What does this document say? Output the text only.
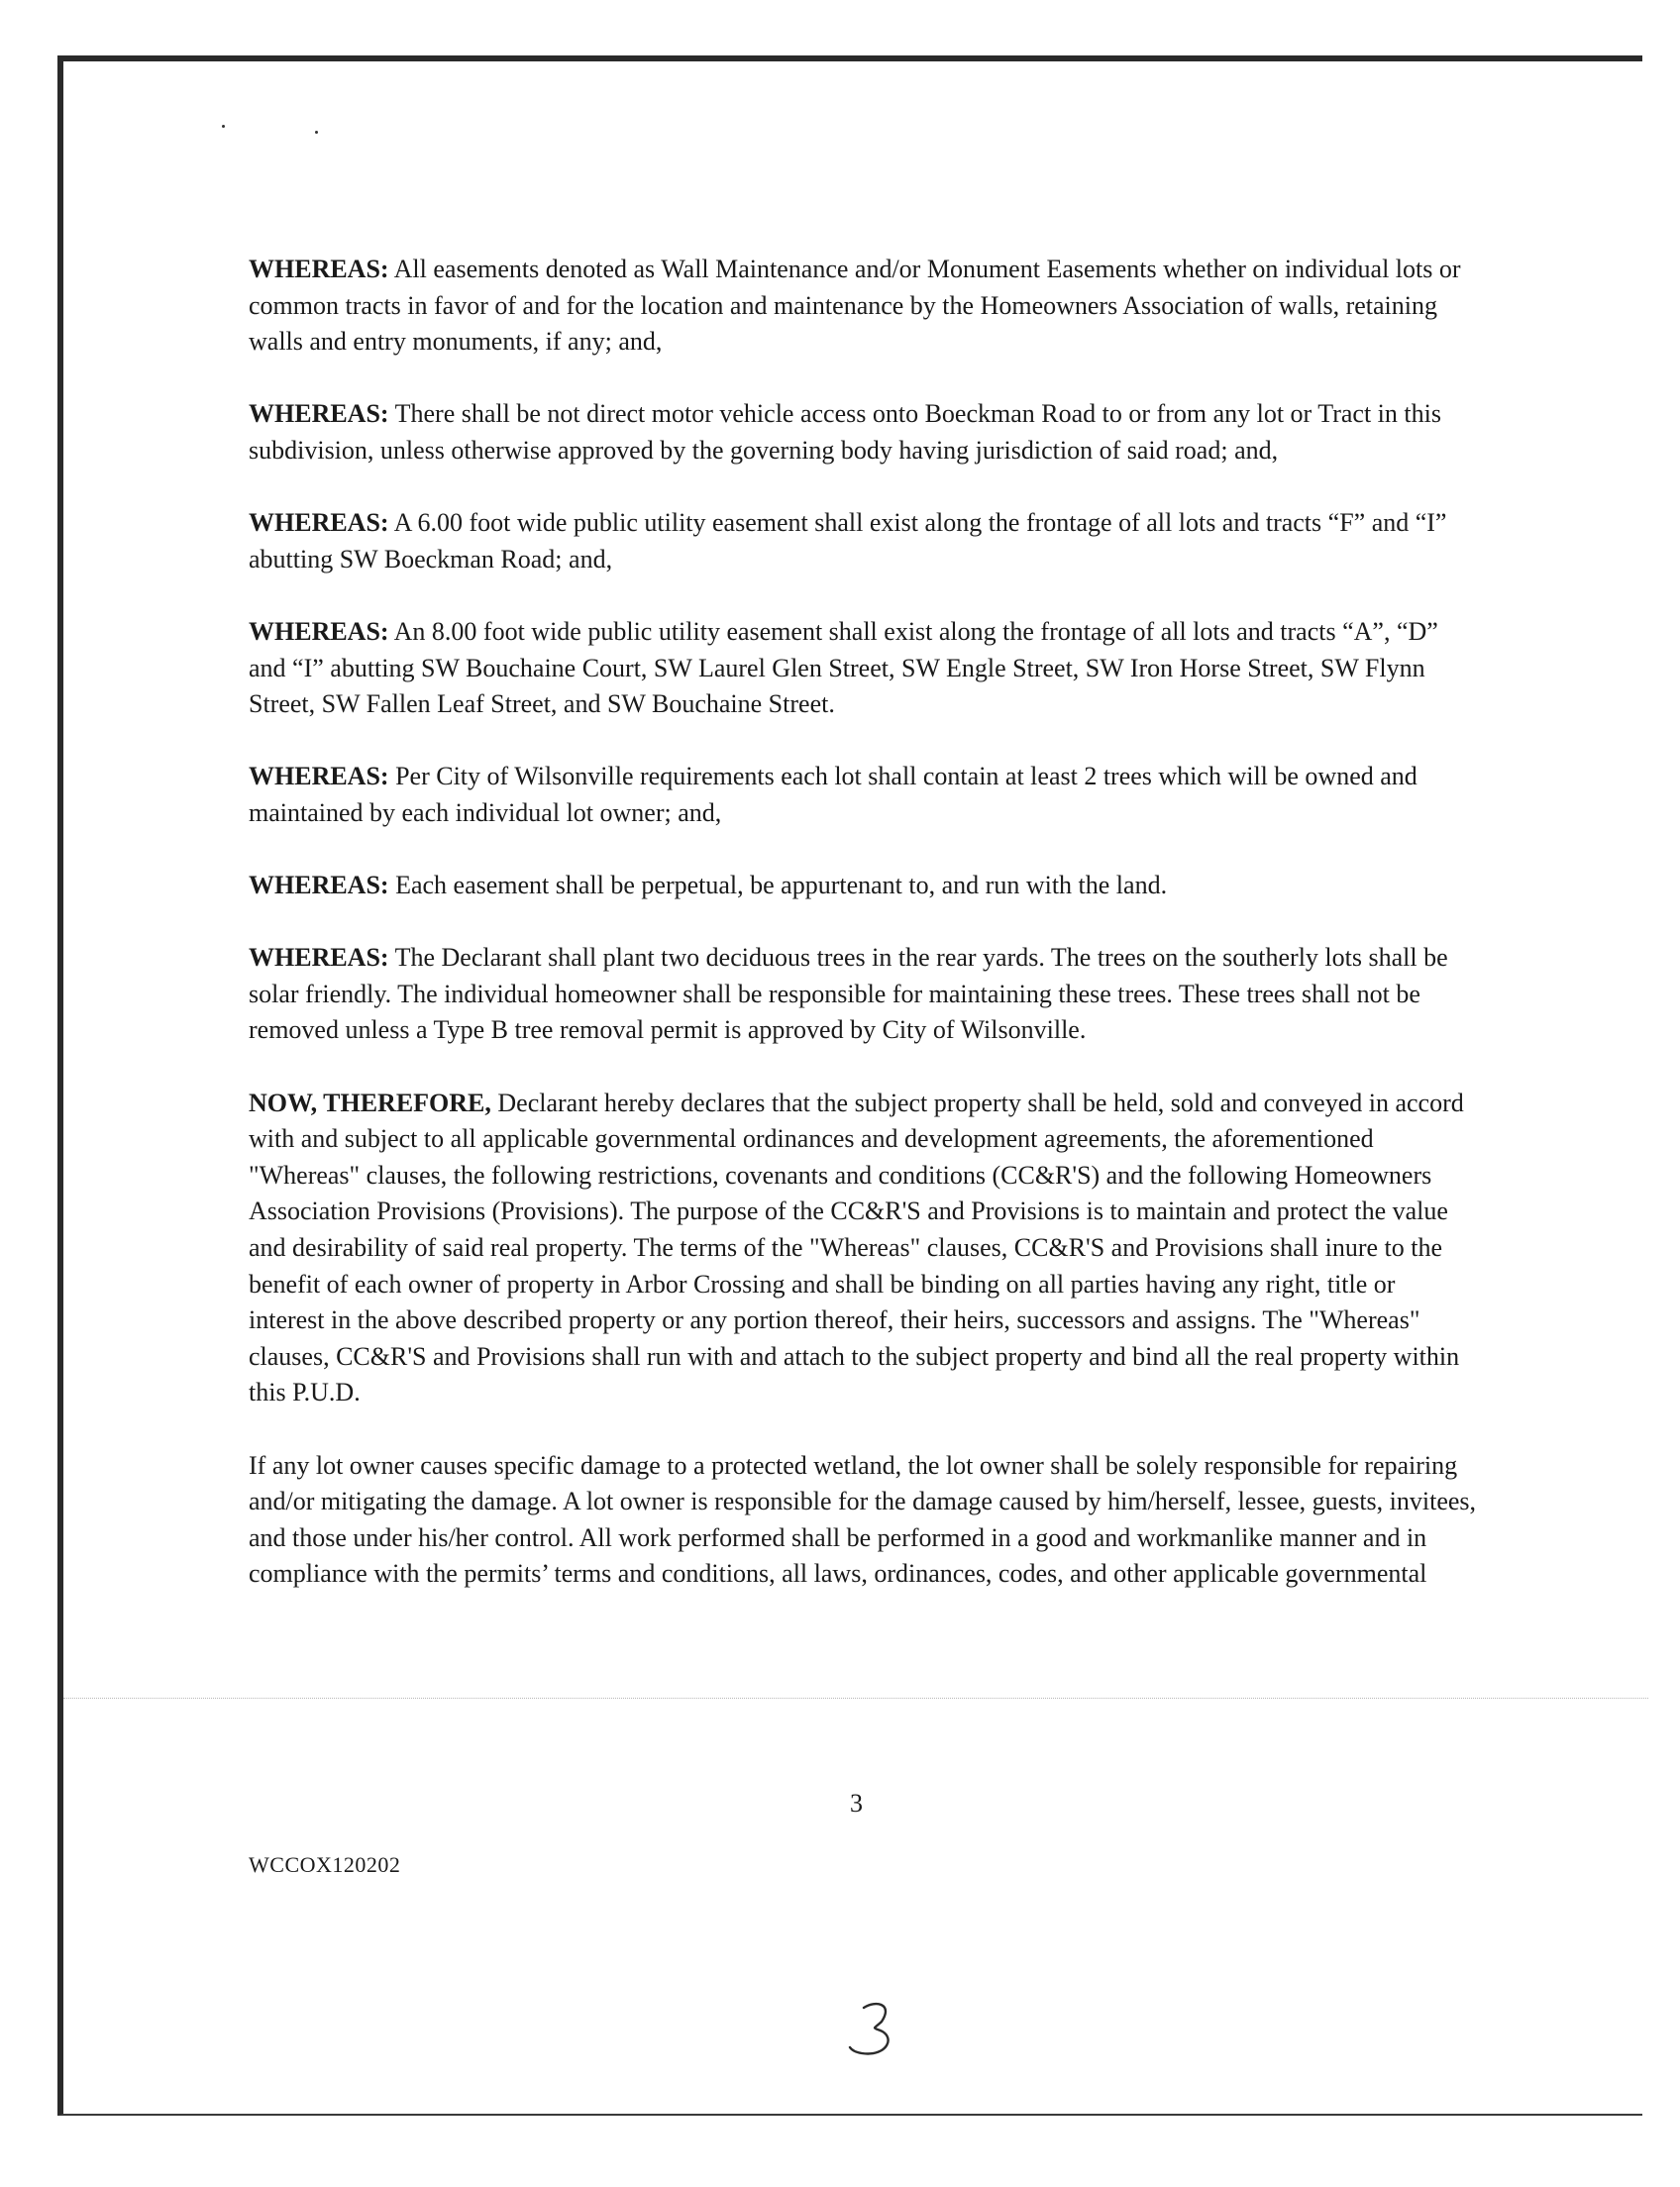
WHEREAS: All easements denoted as Wall Maintenance and/or Monument Easements whether on individual lots or common tracts in favor of and for the location and maintenance by the Homeowners Association of walls, retaining walls and entry monuments, if any; and,

WHEREAS: There shall be not direct motor vehicle access onto Boeckman Road to or from any lot or Tract in this subdivision, unless otherwise approved by the governing body having jurisdiction of said road; and,

WHEREAS: A 6.00 foot wide public utility easement shall exist along the frontage of all lots and tracts “F” and “I” abutting SW Boeckman Road; and,

WHEREAS: An 8.00 foot wide public utility easement shall exist along the frontage of all lots and tracts “A”, “D” and “I” abutting SW Bouchaine Court, SW Laurel Glen Street, SW Engle Street, SW Iron Horse Street, SW Flynn Street, SW Fallen Leaf Street, and SW Bouchaine Street.

WHEREAS: Per City of Wilsonville requirements each lot shall contain at least 2 trees which will be owned and maintained by each individual lot owner; and,

WHEREAS: Each easement shall be perpetual, be appurtenant to, and run with the land.

WHEREAS: The Declarant shall plant two deciduous trees in the rear yards. The trees on the southerly lots shall be solar friendly. The individual homeowner shall be responsible for maintaining these trees. These trees shall not be removed unless a Type B tree removal permit is approved by City of Wilsonville.

NOW, THEREFORE, Declarant hereby declares that the subject property shall be held, sold and conveyed in accord with and subject to all applicable governmental ordinances and development agreements, the aforementioned "Whereas" clauses, the following restrictions, covenants and conditions (CC&R'S) and the following Homeowners Association Provisions (Provisions). The purpose of the CC&R'S and Provisions is to maintain and protect the value and desirability of said real property. The terms of the "Whereas" clauses, CC&R'S and Provisions shall inure to the benefit of each owner of property in Arbor Crossing and shall be binding on all parties having any right, title or interest in the above described property or any portion thereof, their heirs, successors and assigns. The "Whereas" clauses, CC&R'S and Provisions shall run with and attach to the subject property and bind all the real property within this P.U.D.

If any lot owner causes specific damage to a protected wetland, the lot owner shall be solely responsible for repairing and/or mitigating the damage. A lot owner is responsible for the damage caused by him/herself, lessee, guests, invitees, and those under his/her control. All work performed shall be performed in a good and workmanlike manner and in compliance with the permits’ terms and conditions, all laws, ordinances, codes, and other applicable governmental

3
WCCOX120202
